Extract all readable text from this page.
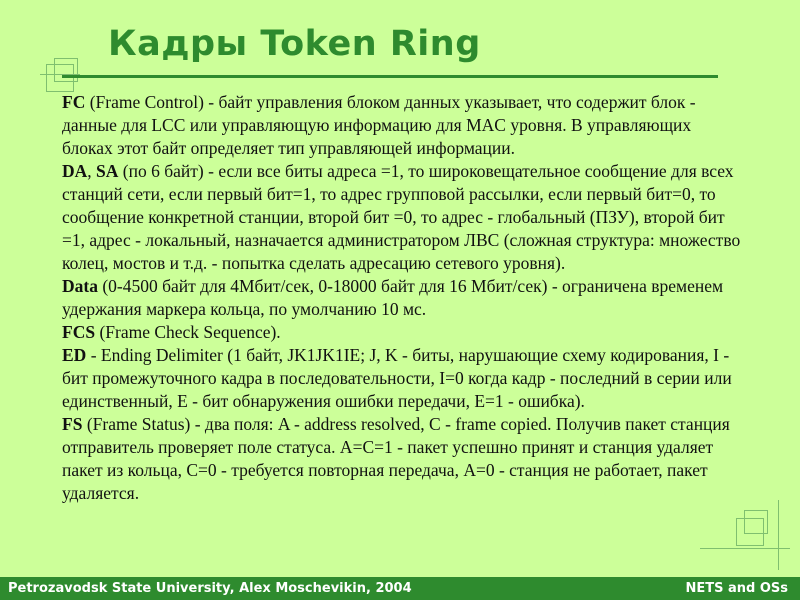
Кадры Token Ring

FC (Frame Control) - байт управления блоком данных указывает, что содержит блок - данные для LCC или управляющую информацию для MAC уровня. В управляющих блоках этот байт определяет тип управляющей информации.

DA, SA (по 6 байт) - если все биты адреса =1, то широковещательное сообщение для всех станций сети, если первый бит=1, то адрес групповой рассылки, если первый бит=0, то сообщение конкретной станции, второй бит =0, то адрес - глобальный (ПЗУ), второй бит =1, адрес - локальный, назначается администратором ЛВС (сложная структура: множество колец, мостов и т.д. - попытка сделать адресацию сетевого уровня).

Data (0-4500 байт для 4Мбит/сек, 0-18000 байт для 16 Мбит/сек) - ограничена временем удержания маркера кольца, по умолчанию 10 мс.

FCS (Frame Check Sequence).

ED - Ending Delimiter (1 байт, JK1JK1IE; J, K - биты, нарушающие схему кодирования, I - бит промежуточного кадра в последовательности, I=0 когда кадр - последний в серии или единственный, E - бит обнаружения ошибки передачи, E=1 - ошибка).

FS (Frame Status) - два поля: A - address resolved, C - frame copied. Получив пакет станция отправитель проверяет поле статуса. A=C=1 - пакет успешно принят и станция удаляет пакет из кольца, C=0 - требуется повторная передача, A=0 - станция не работает, пакет удаляется.

Petrozavodsk State University, Alex Moschevikin, 2004	NETS and OSs
